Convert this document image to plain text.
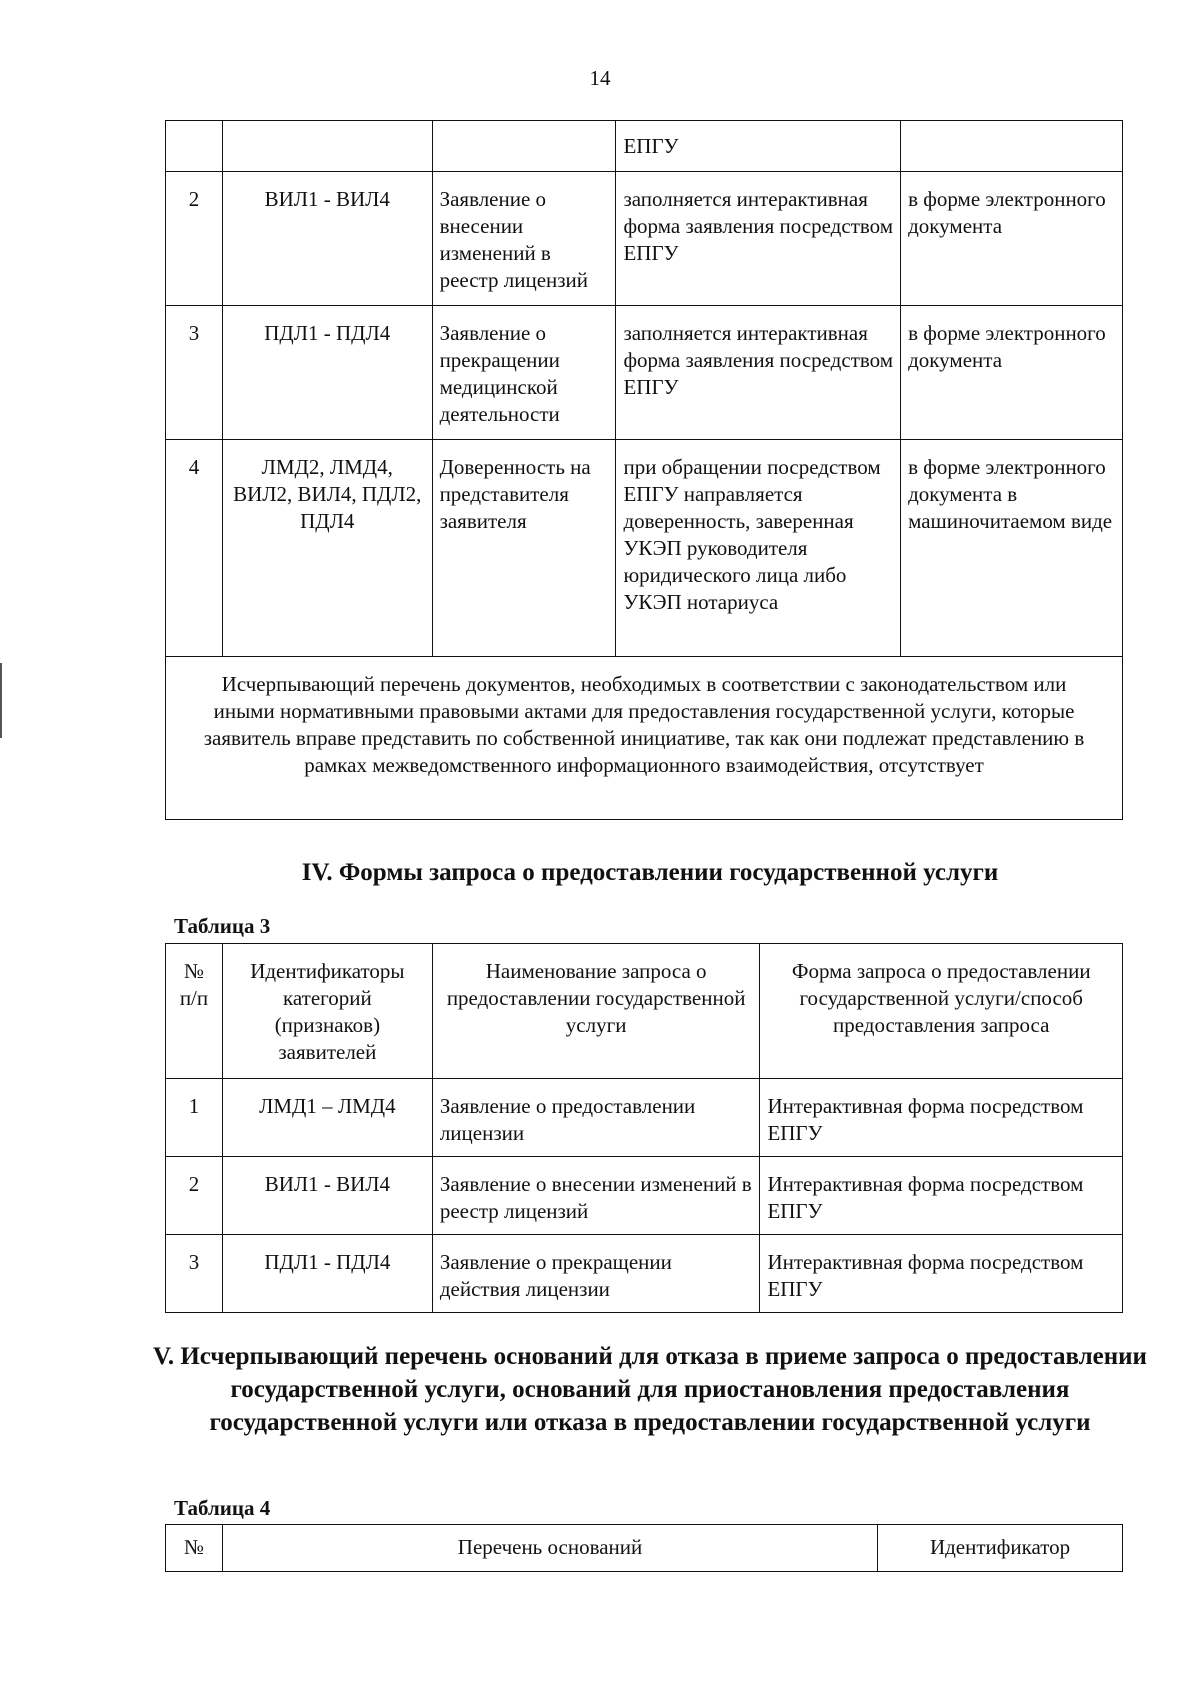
14
			ЕПГУ	
2	ВИЛ1 - ВИЛ4	Заявление о внесении изменений в реестр лицензий	заполняется интерактивная форма заявления посредством ЕПГУ	в форме электронного документа
3	ПДЛ1 - ПДЛ4	Заявление о прекращении медицинской деятельности	заполняется интерактивная форма заявления посредством ЕПГУ	в форме электронного документа
4	ЛМД2, ЛМД4, ВИЛ2, ВИЛ4, ПДЛ2, ПДЛ4	Доверенность на представителя заявителя	при обращении посредством ЕПГУ направляется доверенность, заверенная УКЭП руководителя юридического лица либо УКЭП нотариуса	в форме электронного документа в машиночитаемом виде
Исчерпывающий перечень документов, необходимых в соответствии с законодательством или иными нормативными правовыми актами для предоставления государственной услуги, которые заявитель вправе представить по собственной инициативе, так как они подлежат представлению в рамках межведомственного информационного взаимодействия, отсутствует				
IV. Формы запроса о предоставлении государственной услуги
Таблица 3
№ п/п	Идентификаторы категорий (признаков) заявителей	Наименование запроса о предоставлении государственной услуги	Форма запроса о предоставлении государственной услуги/способ предоставления запроса
1	ЛМД1 – ЛМД4	Заявление о предоставлении лицензии	Интерактивная форма посредством ЕПГУ
2	ВИЛ1 - ВИЛ4	Заявление о внесении изменений в реестр лицензий	Интерактивная форма посредством ЕПГУ
3	ПДЛ1 - ПДЛ4	Заявление о прекращении действия лицензии	Интерактивная форма посредством ЕПГУ
V. Исчерпывающий перечень оснований для отказа в приеме запроса о предоставлении государственной услуги, оснований для приостановления предоставления государственной услуги или отказа в предоставлении государственной услуги
Таблица 4
№	Перечень оснований	Идентификатор
